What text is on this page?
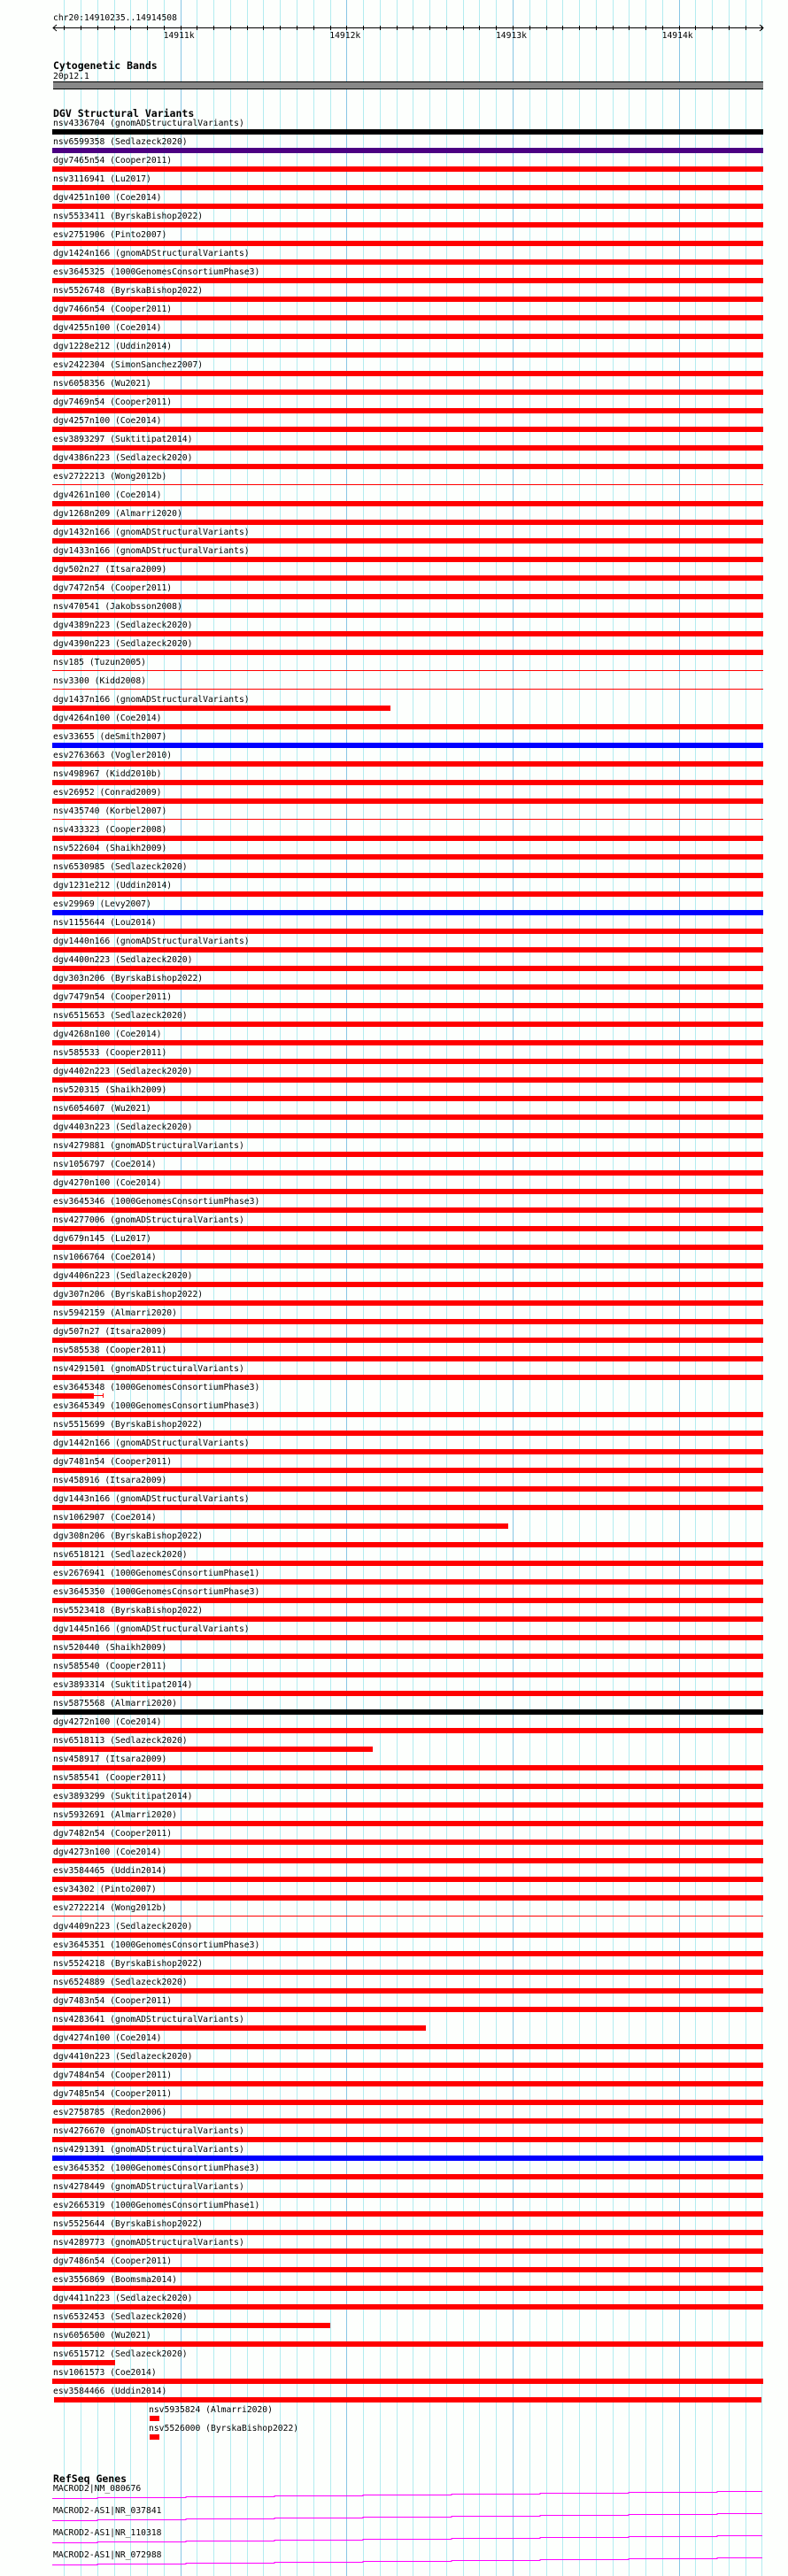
chr20:14910235..14914508
14911k	14912k	14913k	14914k
Cytogenetic Bands
20p12.1
DGV Structural Variants
nsv4336704 (gnomADStructuralVariants)
nsv6599358 (Sedlazeck2020)
dgv7465n54 (Cooper2011)
nsv3116941 (Lu2017)
dgv4251n100 (Coe2014)
nsv5533411 (ByrskaBishop2022)
esv2751906 (Pinto2007)
dgv1424n166 (gnomADStructuralVariants)
esv3645325 (1000GenomesConsortiumPhase3)
nsv5526748 (ByrskaBishop2022)
dgv7466n54 (Cooper2011)
dgv4255n100 (Coe2014)
dgv1228e212 (Uddin2014)
esv2422304 (SimonSanchez2007)
nsv6058356 (Wu2021)
dgv7469n54 (Cooper2011)
dgv4257n100 (Coe2014)
esv3893297 (Suktitipat2014)
dgv4386n223 (Sedlazeck2020)
esv2722213 (Wong2012b)
dgv4261n100 (Coe2014)
dgv1268n209 (Almarri2020)
dgv1432n166 (gnomADStructuralVariants)
dgv1433n166 (gnomADStructuralVariants)
dgv502n27 (Itsara2009)
dgv7472n54 (Cooper2011)
nsv470541 (Jakobsson2008)
dgv4389n223 (Sedlazeck2020)
dgv4390n223 (Sedlazeck2020)
nsv185 (Tuzun2005)
nsv3300 (Kidd2008)
dgv1437n166 (gnomADStructuralVariants)
dgv4264n100 (Coe2014)
esv33655 (deSmith2007)
esv2763663 (Vogler2010)
nsv498967 (Kidd2010b)
esv26952 (Conrad2009)
nsv435740 (Korbel2007)
nsv433323 (Cooper2008)
nsv522604 (Shaikh2009)
nsv6530985 (Sedlazeck2020)
dgv1231e212 (Uddin2014)
esv29969 (Levy2007)
nsv1155644 (Lou2014)
dgv1440n166 (gnomADStructuralVariants)
dgv4400n223 (Sedlazeck2020)
dgv303n206 (ByrskaBishop2022)
dgv7479n54 (Cooper2011)
nsv6515653 (Sedlazeck2020)
dgv4268n100 (Coe2014)
nsv585533 (Cooper2011)
dgv4402n223 (Sedlazeck2020)
nsv520315 (Shaikh2009)
nsv6054607 (Wu2021)
dgv4403n223 (Sedlazeck2020)
nsv4279881 (gnomADStructuralVariants)
nsv1056797 (Coe2014)
dgv4270n100 (Coe2014)
esv3645346 (1000GenomesConsortiumPhase3)
nsv4277006 (gnomADStructuralVariants)
dgv679n145 (Lu2017)
nsv1066764 (Coe2014)
dgv4406n223 (Sedlazeck2020)
dgv307n206 (ByrskaBishop2022)
nsv5942159 (Almarri2020)
dgv507n27 (Itsara2009)
nsv585538 (Cooper2011)
nsv4291501 (gnomADStructuralVariants)
esv3645348 (1000GenomesConsortiumPhase3)
esv3645349 (1000GenomesConsortiumPhase3)
nsv5515699 (ByrskaBishop2022)
dgv1442n166 (gnomADStructuralVariants)
dgv7481n54 (Cooper2011)
nsv458916 (Itsara2009)
dgv1443n166 (gnomADStructuralVariants)
nsv1062907 (Coe2014)
dgv308n206 (ByrskaBishop2022)
nsv6518121 (Sedlazeck2020)
esv2676941 (1000GenomesConsortiumPhase1)
esv3645350 (1000GenomesConsortiumPhase3)
nsv5523418 (ByrskaBishop2022)
dgv1445n166 (gnomADStructuralVariants)
nsv520440 (Shaikh2009)
nsv585540 (Cooper2011)
esv3893314 (Suktitipat2014)
nsv5875568 (Almarri2020)
dgv4272n100 (Coe2014)
nsv6518113 (Sedlazeck2020)
nsv458917 (Itsara2009)
nsv585541 (Cooper2011)
esv3893299 (Suktitipat2014)
nsv5932691 (Almarri2020)
dgv7482n54 (Cooper2011)
dgv4273n100 (Coe2014)
esv3584465 (Uddin2014)
esv34302 (Pinto2007)
esv2722214 (Wong2012b)
dgv4409n223 (Sedlazeck2020)
esv3645351 (1000GenomesConsortiumPhase3)
nsv5524218 (ByrskaBishop2022)
nsv6524889 (Sedlazeck2020)
dgv7483n54 (Cooper2011)
nsv4283641 (gnomADStructuralVariants)
dgv4274n100 (Coe2014)
dgv4410n223 (Sedlazeck2020)
dgv7484n54 (Cooper2011)
dgv7485n54 (Cooper2011)
esv2758785 (Redon2006)
nsv4276670 (gnomADStructuralVariants)
nsv4291391 (gnomADStructuralVariants)
esv3645352 (1000GenomesConsortiumPhase3)
nsv4278449 (gnomADStructuralVariants)
esv2665319 (1000GenomesConsortiumPhase1)
nsv5525644 (ByrskaBishop2022)
nsv4289773 (gnomADStructuralVariants)
dgv7486n54 (Cooper2011)
esv3556869 (Boomsma2014)
dgv4411n223 (Sedlazeck2020)
nsv6532453 (Sedlazeck2020)
nsv6056500 (Wu2021)
nsv6515712 (Sedlazeck2020)
nsv1061573 (Coe2014)
esv3584466 (Uddin2014)
nsv5935824 (Almarri2020)
nsv5526000 (ByrskaBishop2022)
RefSeq Genes
MACROD2|NM_080676
MACROD2-AS1|NR_037841
MACROD2-AS1|NR_110318
MACROD2-AS1|NR_072988
